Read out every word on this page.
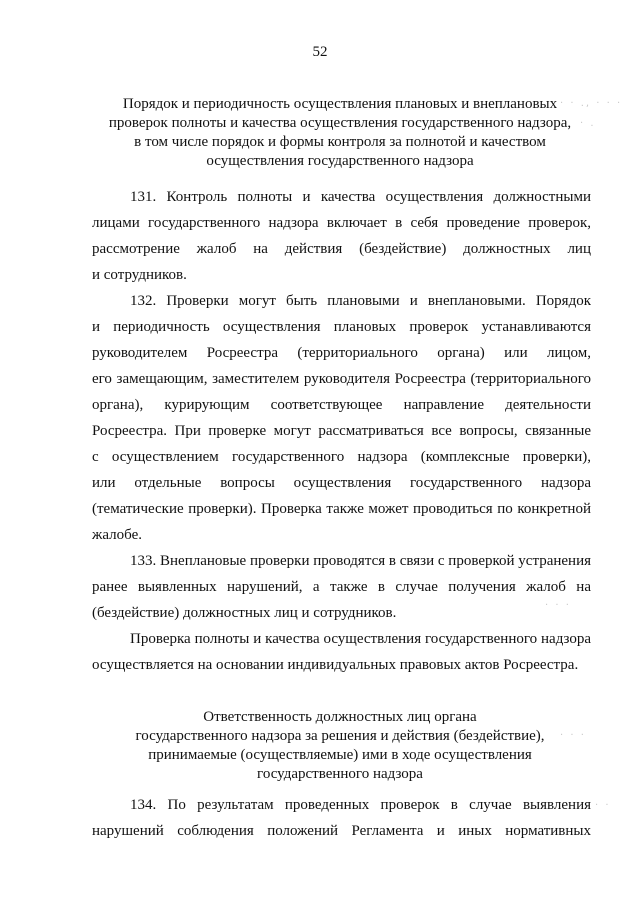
52
Порядок и периодичность осуществления плановых и внеплановых
проверок полноты и качества осуществления государственного надзора,
в том числе порядок и формы контроля за полнотой и качеством
осуществления государственного надзора
131. Контроль полноты и качества осуществления должностными
лицами государственного надзора включает в себя проведение проверок,
рассмотрение жалоб на действия (бездействие) должностных лиц
и сотрудников.
132. Проверки могут быть плановыми и внеплановыми. Порядок
и периодичность осуществления плановых проверок устанавливаются
руководителем Росреестра (территориального органа) или лицом,
его замещающим, заместителем руководителя Росреестра (территориального
органа), курирующим соответствующее направление деятельности
Росреестра. При проверке могут рассматриваться все вопросы, связанные
с осуществлением государственного надзора (комплексные проверки),
или отдельные вопросы осуществления государственного надзора
(тематические проверки). Проверка также может проводиться по конкретной
жалобе.
133. Внеплановые проверки проводятся в связи с проверкой устранения
ранее выявленных нарушений, а также в случае получения жалоб на
(бездействие) должностных лиц и сотрудников.
Проверка полноты и качества осуществления государственного надзора
осуществляется на основании индивидуальных правовых актов Росреестра.
Ответственность должностных лиц органа
государственного надзора за решения и действия (бездействие),
принимаемые (осуществляемые) ими в ходе осуществления
государственного надзора
134. По результатам проведенных проверок в случае выявления
нарушений соблюдения положений Регламента и иных нормативных
· · ., · · ·
· .
· · ·
· · ·
· ·
